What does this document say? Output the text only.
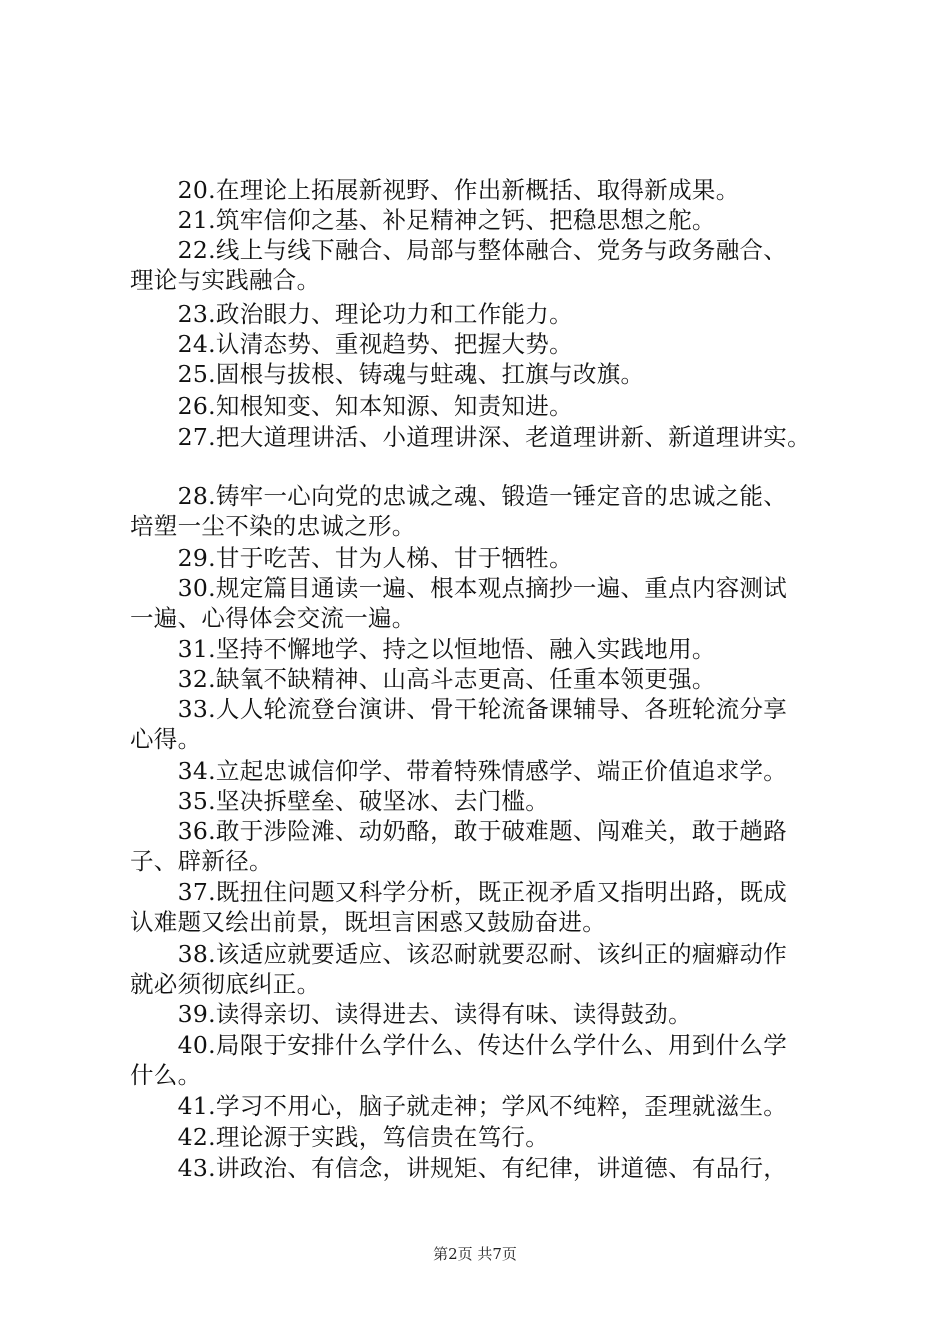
　　20.在理论上拓展新视野、作出新概括、取得新成果。

　　21.筑牢信仰之基、补足精神之钙、把稳思想之舵。

　　22.线上与线下融合、局部与整体融合、党务与政务融合、
理论与实践融合。

　　23.政治眼力、理论功力和工作能力。

　　24.认清态势、重视趋势、把握大势。

　　25.固根与拔根、铸魂与蛀魂、扛旗与改旗。

　　26.知根知变、知本知源、知责知进。

　　27.把大道理讲活、小道理讲深、老道理讲新、新道理讲实。

　　28.铸牢一心向党的忠诚之魂、锻造一锤定音的忠诚之能、
培塑一尘不染的忠诚之形。

　　29.甘于吃苦、甘为人梯、甘于牺牲。

　　30.规定篇目通读一遍、根本观点摘抄一遍、重点内容测试
一遍、心得体会交流一遍。

　　31.坚持不懈地学、持之以恒地悟、融入实践地用。

　　32.缺氧不缺精神、山高斗志更高、任重本领更强。

　　33.人人轮流登台演讲、骨干轮流备课辅导、各班轮流分享
心得。

　　34.立起忠诚信仰学、带着特殊情感学、端正价值追求学。

　　35.坚决拆壁垒、破坚冰、去门槛。

　　36.敢于涉险滩、动奶酪，敢于破难题、闯难关，敢于趟路
子、辟新径。

　　37.既扭住问题又科学分析，既正视矛盾又指明出路，既成
认难题又绘出前景，既坦言困惑又鼓励奋进。

　　38.该适应就要适应、该忍耐就要忍耐、该纠正的痼癖动作
就必须彻底纠正。

　　39.读得亲切、读得进去、读得有味、读得鼓劲。

　　40.局限于安排什么学什么、传达什么学什么、用到什么学
什么。

　　41.学习不用心，脑子就走神；学风不纯粹，歪理就滋生。

　　42.理论源于实践，笃信贵在笃行。

　　43.讲政治、有信念，讲规矩、有纪律，讲道德、有品行，

第2页 共7页
